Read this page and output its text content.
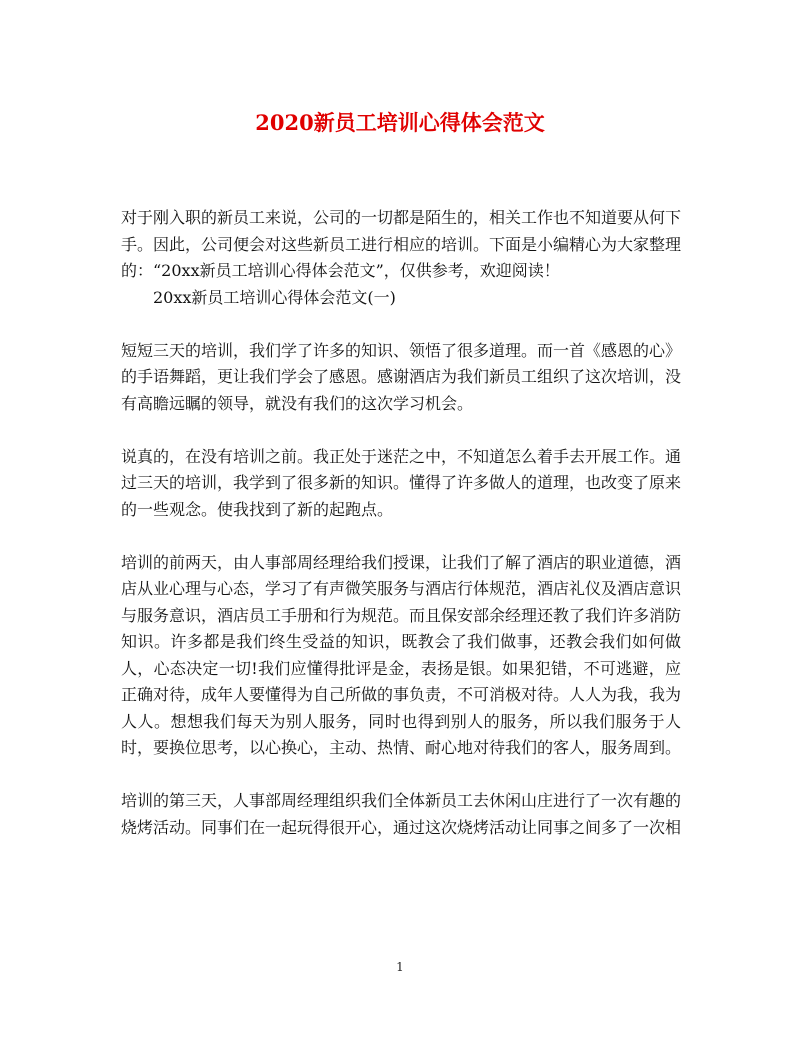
2020新员工培训心得体会范文

对于刚入职的新员工来说，公司的一切都是陌生的，相关工作也不知道要从何下手。因此，公司便会对这些新员工进行相应的培训。下面是小编精心为大家整理的：“20xx新员工培训心得体会范文”，仅供参考，欢迎阅读！

20xx新员工培训心得体会范文(一)

短短三天的培训，我们学了许多的知识、领悟了很多道理。而一首《感恩的心》的手语舞蹈，更让我们学会了感恩。感谢酒店为我们新员工组织了这次培训，没有高瞻远瞩的领导，就没有我们的这次学习机会。

说真的，在没有培训之前。我正处于迷茫之中，不知道怎么着手去开展工作。通过三天的培训，我学到了很多新的知识。懂得了许多做人的道理，也改变了原来的一些观念。使我找到了新的起跑点。

培训的前两天，由人事部周经理给我们授课，让我们了解了酒店的职业道德，酒店从业心理与心态，学习了有声微笑服务与酒店行体规范，酒店礼仪及酒店意识与服务意识，酒店员工手册和行为规范。而且保安部余经理还教了我们许多消防知识。许多都是我们终生受益的知识，既教会了我们做事，还教会我们如何做人，心态决定一切!我们应懂得批评是金，表扬是银。如果犯错，不可逃避，应正确对待，成年人要懂得为自己所做的事负责，不可消极对待。人人为我，我为人人。想想我们每天为别人服务，同时也得到别人的服务，所以我们服务于人时，要换位思考，以心换心，主动、热情、耐心地对待我们的客人，服务周到。

培训的第三天，人事部周经理组织我们全体新员工去休闲山庄进行了一次有趣的烧烤活动。同事们在一起玩得很开心，通过这次烧烤活动让同事之间多了一次相

1
